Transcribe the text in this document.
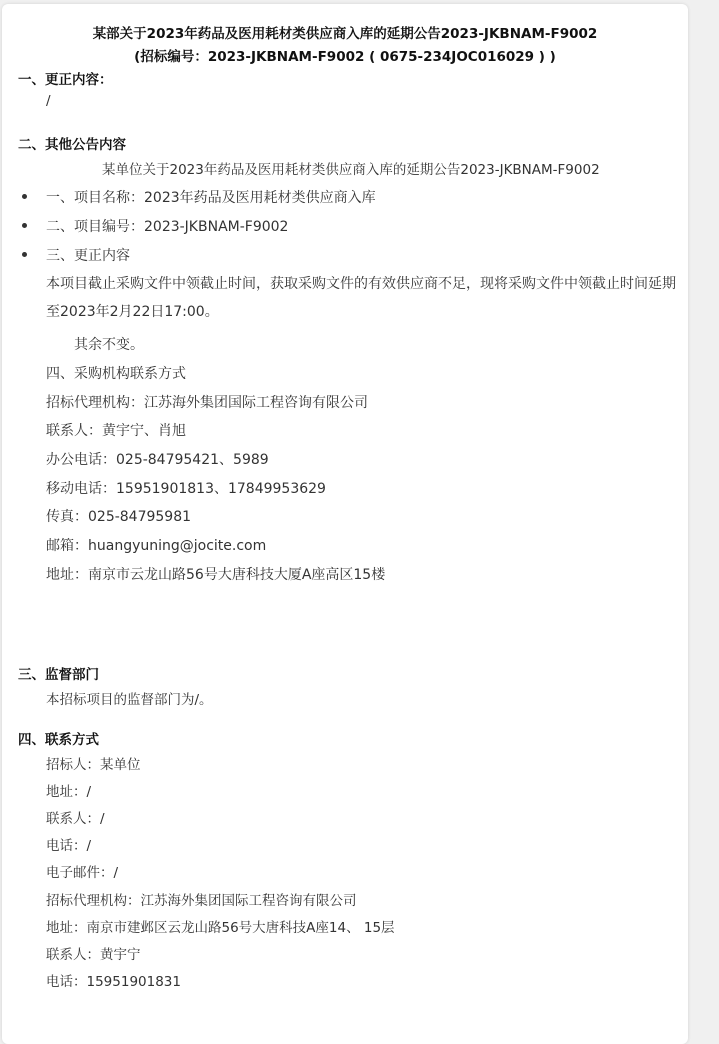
某部关于2023年药品及医用耗材类供应商入库的延期公告2023-JKBNAM-F9002
(招标编号：2023-JKBNAM-F9002 ( 0675-234JOC016029 ) )
一、更正内容：
/
二、其他公告内容
某单位关于2023年药品及医用耗材类供应商入库的延期公告2023-JKBNAM-F9002
一、项目名称：2023年药品及医用耗材类供应商入库
二、项目编号：2023-JKBNAM-F9002
三、更正内容
本项目截止采购文件中领截止时间，获取采购文件的有效供应商不足，现将采购文件中领截止时间延期
至2023年2月22日17:00。
其余不变。
四、采购机构联系方式
招标代理机构：江苏海外集团国际工程咨询有限公司
联系人：黄宇宁、肖旭
办公电话：025-84795421、5989
移动电话：15951901813、17849953629
传真：025-84795981
邮箱：huangyuning@jocite.com
地址：南京市云龙山路56号大唐科技大厦A座高区15楼
三、监督部门
本招标项目的监督部门为/。
四、联系方式
招标人：某单位
地址：/
联系人：/
电话：/
电子邮件：/
招标代理机构：江苏海外集团国际工程咨询有限公司
地址：南京市建邺区云龙山路56号大唐科技A座14、 15层
联系人：黄宇宁
电话：15951901831
